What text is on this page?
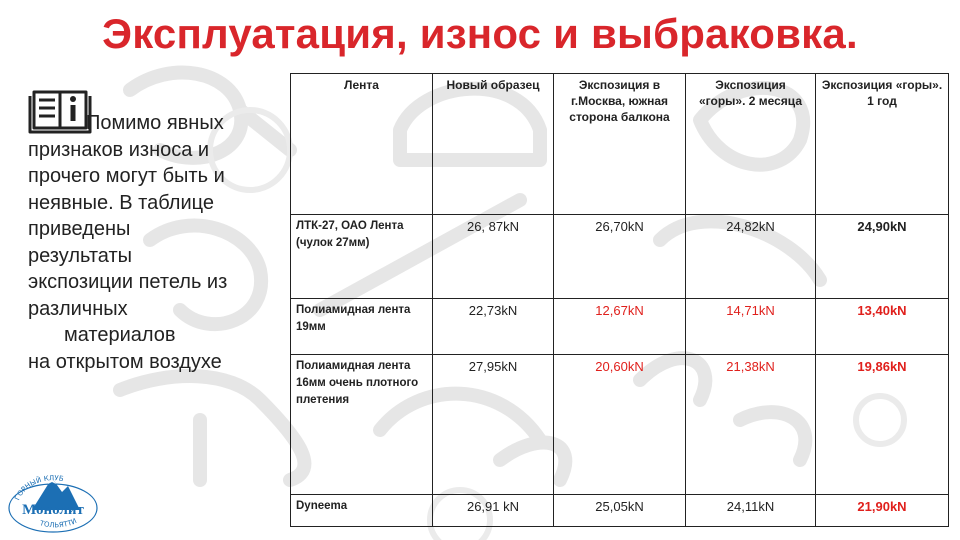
Эксплуатация, износ и выбраковка.
Помимо явных
признаков износа и
прочего могут быть и
неявные. В таблице
приведены
результаты
экспозиции петель из
различных
материалов
на открытом воздухе
Лента	Новый образец	Экспозиция в г.Москва, южная сторона балкона	Экспозиция «горы». 2 месяца	Экспозиция «горы». 1 год
ЛТК-27, ОАО Лента (чулок 27мм)	26, 87kN	26,70kN	24,82kN	24,90kN
Полиамидная лента 19мм	22,73kN	12,67kN	14,71kN	13,40kN
Полиамидная лента 16мм очень плотного плетения	27,95kN	20,60kN	21,38kN	19,86kN
Dyneema	26,91 kN	25,05kN	24,11kN	21,90kN
ГОРНЫЙ КЛУБ
Монолит
ТОЛЬЯТТИ
